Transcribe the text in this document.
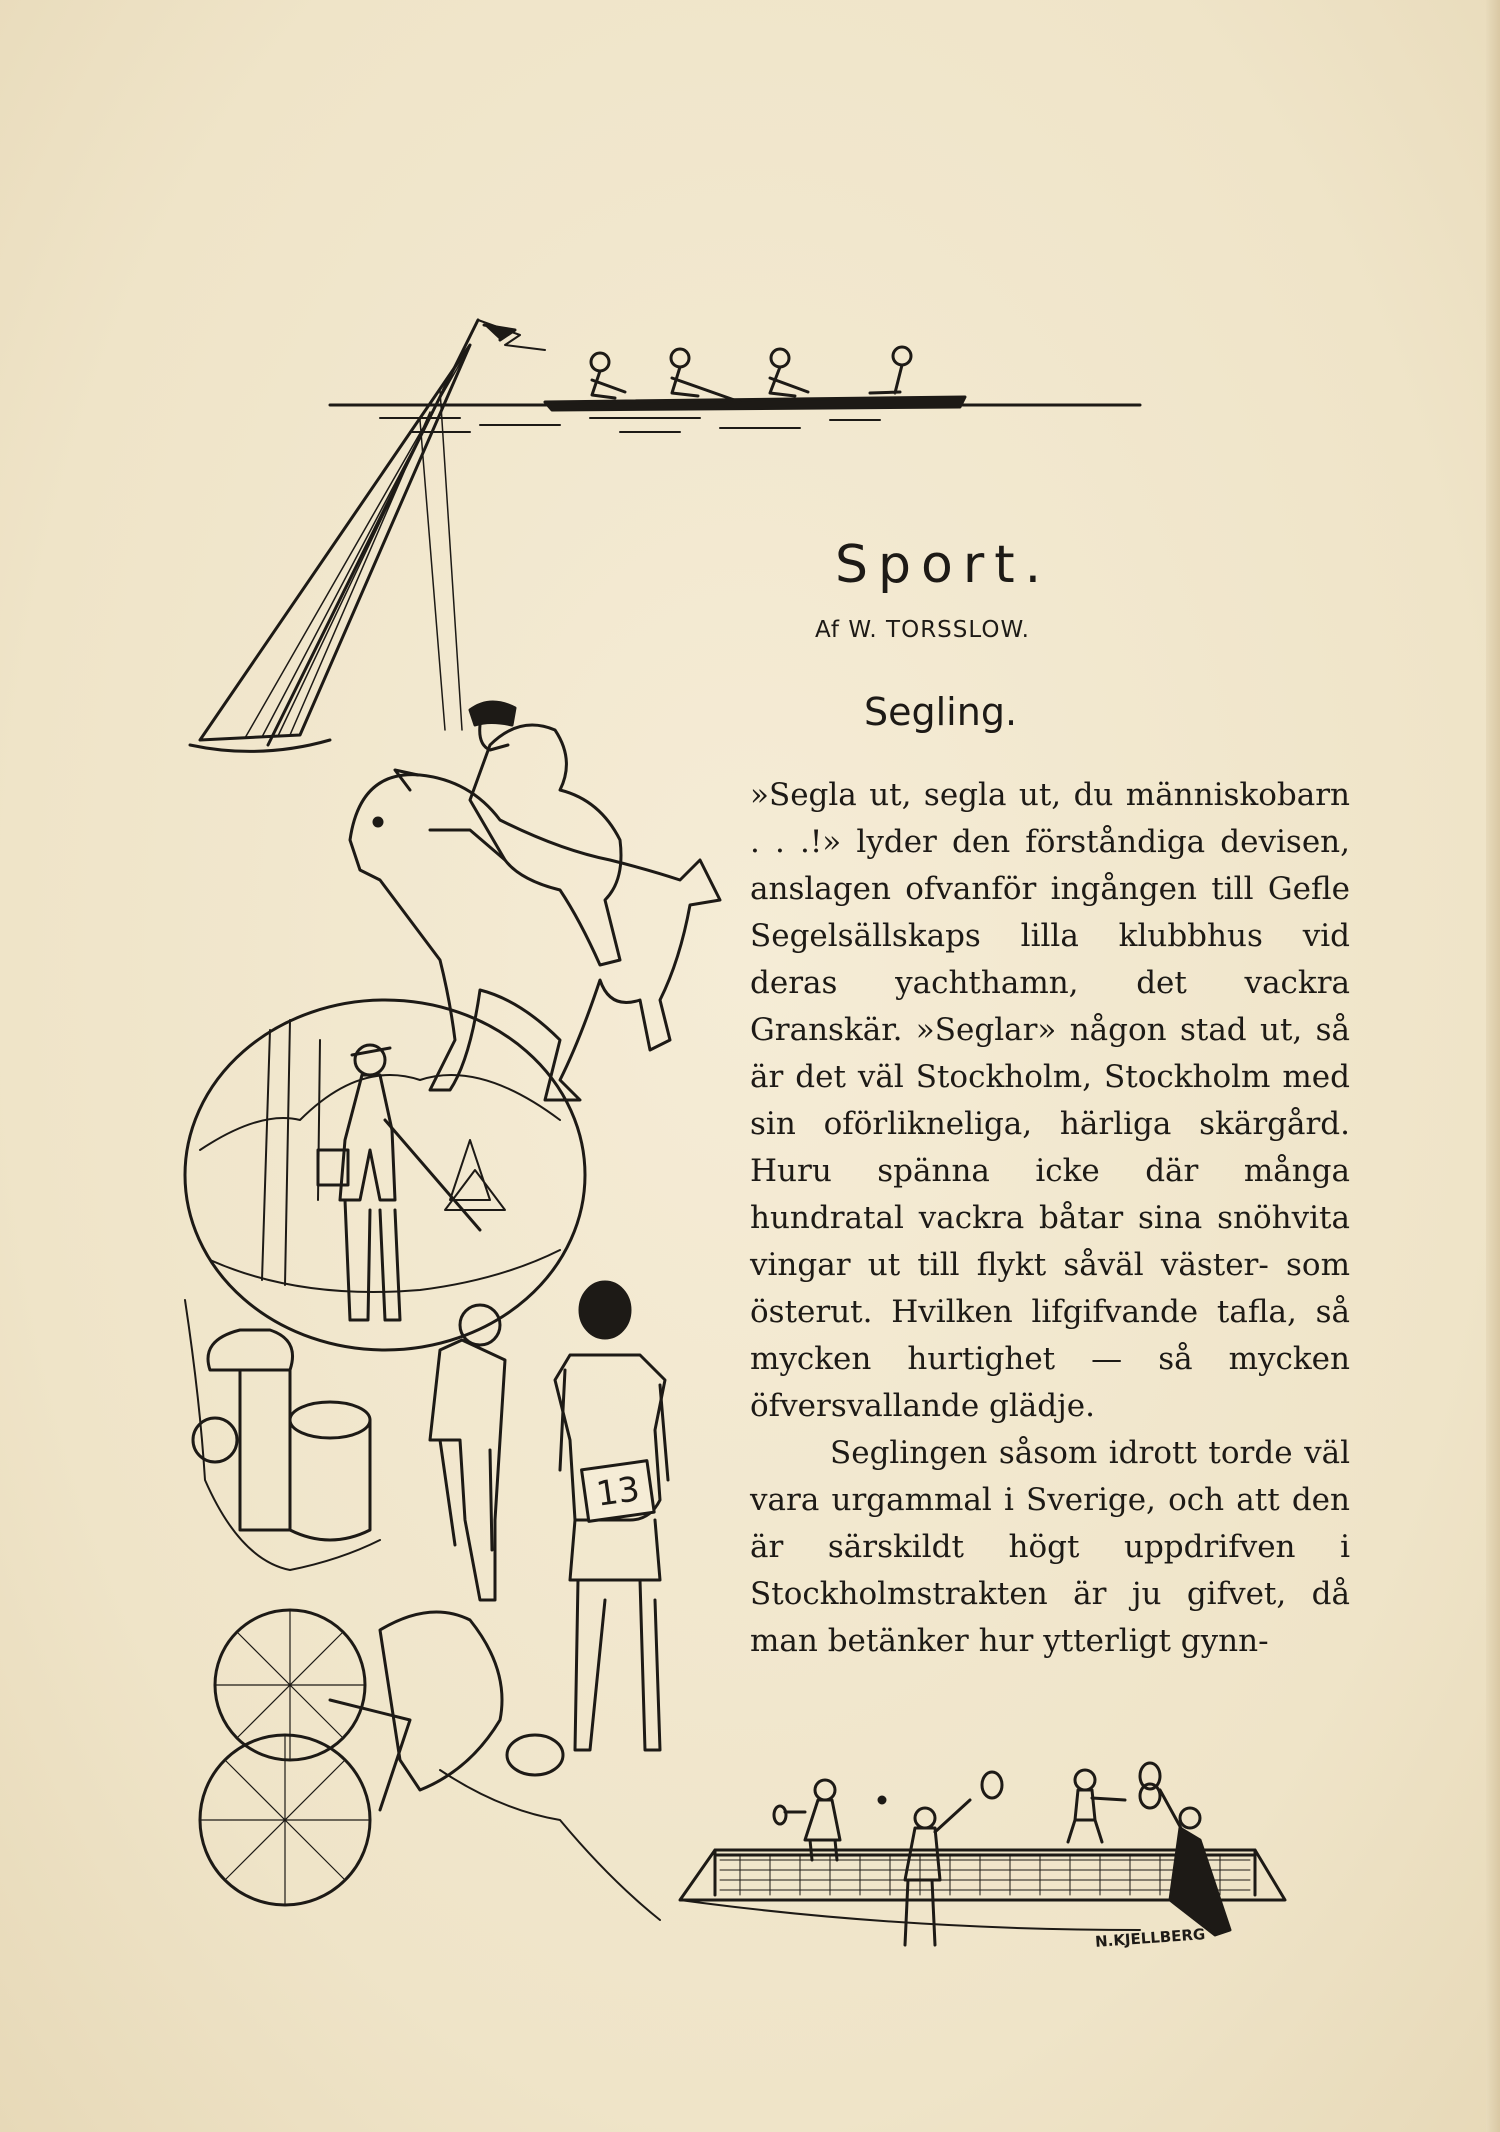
13
Sport.
Af W. TORSSLOW.
Segling.

»Segla ut, segla ut, du människobarn . . .!» lyder den förståndiga devisen, anslagen ofvanför ingången till Gefle Segelsällskaps lilla klubbhus vid deras yachthamn, det vackra Granskär. »Seglar» någon stad ut, så är det väl Stockholm, Stockholm med sin oförlikneliga, härliga skärgård. Huru spänna icke där många hundratal vackra båtar sina snöhvita vingar ut till flykt såväl väster- som österut. Hvilken lifgifvande tafla, så mycken hurtighet — så mycken öfversvallande glädje.

Seglingen såsom idrott torde väl vara urgammal i Sverige, och att den är särskildt högt uppdrifven i Stockholmstrakten är ju gifvet, då man betänker hur ytterligt gynn-

N.KJELLBERG
